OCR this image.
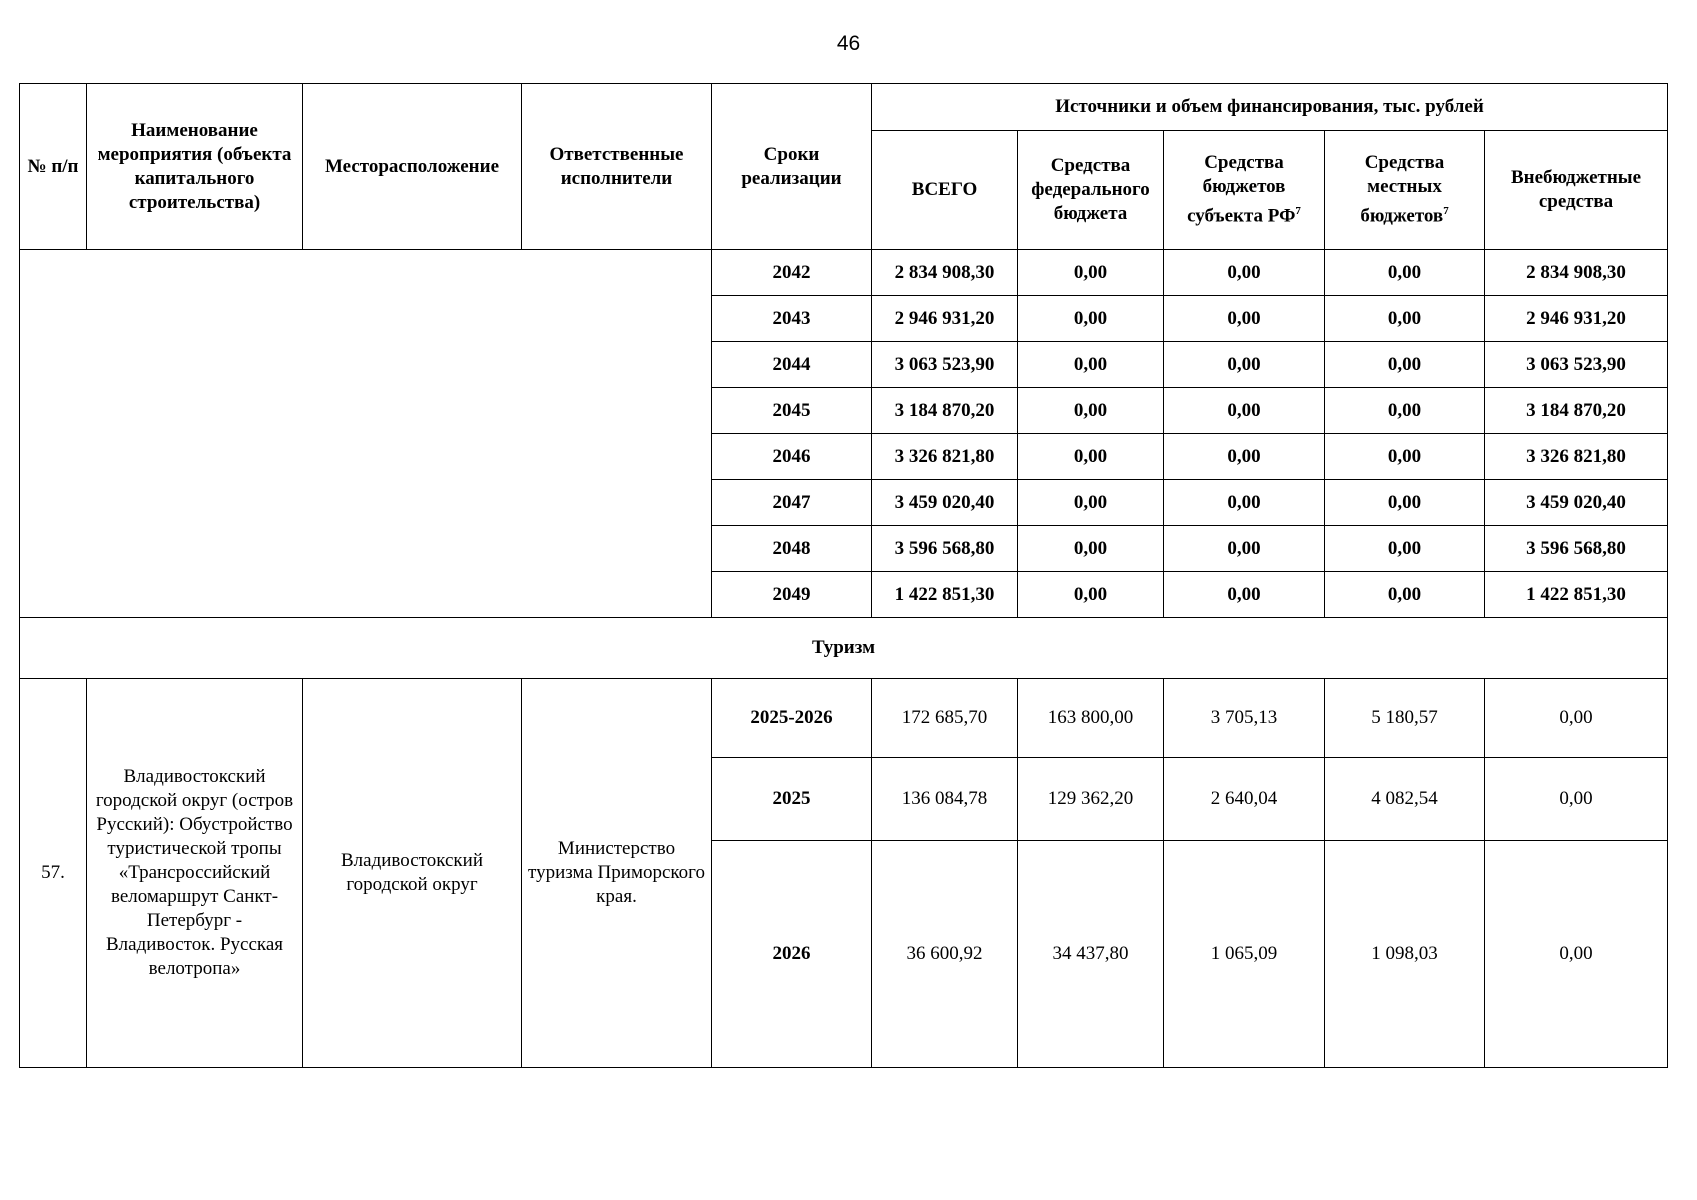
46
№ п/п	Наименование мероприятия (объекта капитального строительства)	Месторасположение	Ответственные исполнители	Сроки реализации	Источники и объем финансирования, тыс. рублей				
					ВСЕГО	Средства федерального бюджета	Средства бюджетов субъекта $РФ^7$	Средства местных бюджетов$^7$	Внебюджетные средства
				2042	2 834 908,30	0,00	0,00	0,00	2 834 908,30
				2043	2 946 931,20	0,00	0,00	0,00	2 946 931,20
				2044	3 063 523,90	0,00	0,00	0,00	3 063 523,90
				2045	3 184 870,20	0,00	0,00	0,00	3 184 870,20
				2046	3 326 821,80	0,00	0,00	0,00	3 326 821,80
				2047	3 459 020,40	0,00	0,00	0,00	3 459 020,40
				2048	3 596 568,80	0,00	0,00	0,00	3 596 568,80
				2049	1 422 851,30	0,00	0,00	0,00	1 422 851,30
Туризм									
57.	Владивостокский городской округ (остров Русский): Обустройство туристической тропы «Трансроссийский веломаршрут Санкт-Петербург - Владивосток. Русская велотропа»	Владивостокский городской округ	Министерство туризма Приморского края.	2025-2026	172 685,70	163 800,00	3 705,13	5 180,57	0,00
				2025	136 084,78	129 362,20	2 640,04	4 082,54	0,00
				2026	36 600,92	34 437,80	1 065,09	1 098,03	0,00
